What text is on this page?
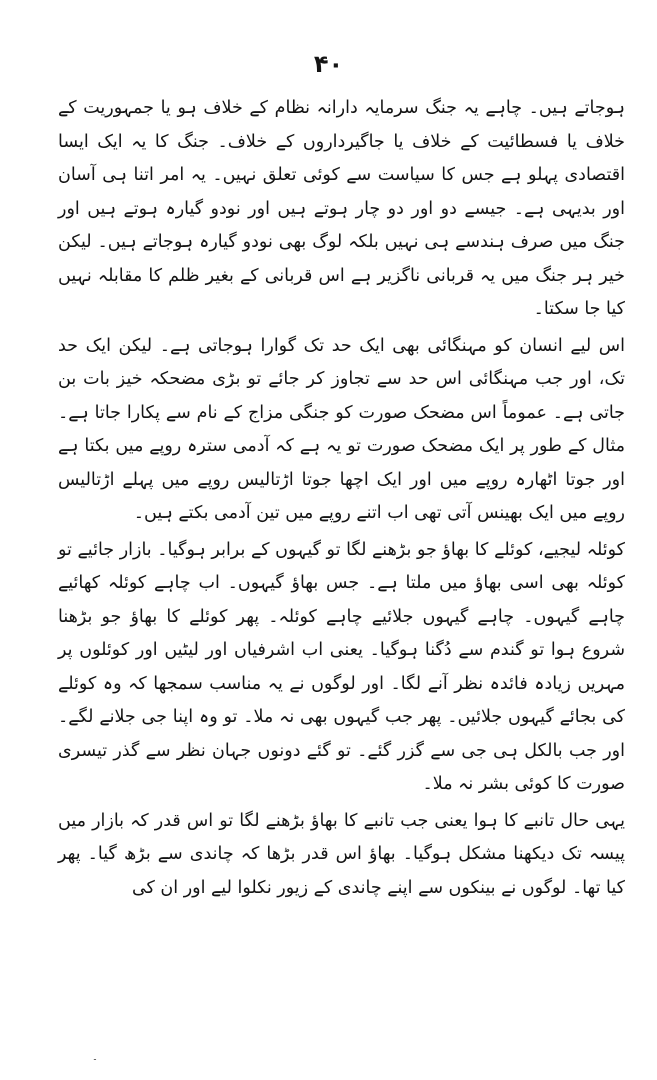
۴۰

ہوجاتے ہیں۔ چاہے یہ جنگ سرمایہ دارانہ نظام کے خلاف ہو یا جمہوریت کے خلاف یا فسطائیت کے خلاف یا جاگیرداروں کے خلاف۔ جنگ کا یہ ایک ایسا اقتصادی پہلو ہے جس کا سیاست سے کوئی تعلق نہیں۔ یہ امر اتنا ہی آسان اور بدیہی ہے۔ جیسے دو اور دو چار ہوتے ہیں اور نودو گیارہ ہوتے ہیں اور جنگ میں صرف ہندسے ہی نہیں بلکہ لوگ بھی نودو گیارہ ہوجاتے ہیں۔ لیکن خیر ہر جنگ میں یہ قربانی ناگزیر ہے اس قربانی کے بغیر ظلم کا مقابلہ نہیں کیا جا سکتا۔

اس لیے انسان کو مہنگائی بھی ایک حد تک گوارا ہوجاتی ہے۔ لیکن ایک حد تک، اور جب مہنگائی اس حد سے تجاوز کر جائے تو بڑی مضحکہ خیز بات بن جاتی ہے۔ عموماً اس مضحک صورت کو جنگی مزاج کے نام سے پکارا جاتا ہے۔ مثال کے طور پر ایک مضحک صورت تو یہ ہے کہ آدمی سترہ روپے میں بکتا ہے اور جوتا اٹھارہ روپے میں اور ایک اچھا جوتا اڑتالیس روپے میں پہلے اڑتالیس روپے میں ایک بھینس آتی تھی اب اتنے روپے میں تین آدمی بکتے ہیں۔

کوئلہ لیجیے، کوئلے کا بھاؤ جو بڑھنے لگا تو گیہوں کے برابر ہوگیا۔ بازار جائیے تو کوئلہ بھی اسی بھاؤ میں ملتا ہے۔ جس بھاؤ گیہوں۔ اب چاہے کوئلہ کھائیے چاہے گیہوں۔ چاہے گیہوں جلائیے چاہے کوئلہ۔ پھر کوئلے کا بھاؤ جو بڑھنا شروع ہوا تو گندم سے دُگنا ہوگیا۔ یعنی اب اشرفیاں اور لیٹیں اور کوئلوں پر مہریں زیادہ فائدہ نظر آنے لگا۔ اور لوگوں نے یہ مناسب سمجھا کہ وہ کوئلے کی بجائے گیہوں جلائیں۔ پھر جب گیہوں بھی نہ ملا۔ تو وہ اپنا جی جلانے لگے۔ اور جب بالکل ہی جی سے گزر گئے۔ تو گئے دونوں جہان نظر سے گذر تیسری صورت کا کوئی بشر نہ ملا۔

یہی حال تانبے کا ہوا یعنی جب تانبے کا بھاؤ بڑھنے لگا تو اس قدر کہ بازار میں پیسہ تک دیکھنا مشکل ہوگیا۔ بھاؤ اس قدر بڑھا کہ چاندی سے بڑھ گیا۔ پھر کیا تھا۔ لوگوں نے بینکوں سے اپنے چاندی کے زیور نکلوا لیے اور ان کی

۔
